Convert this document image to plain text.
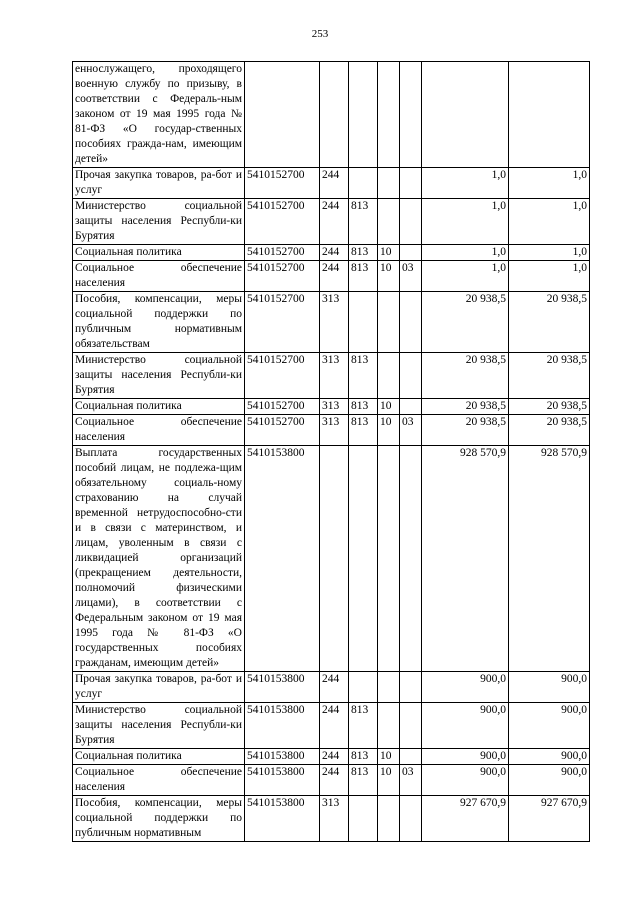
253
еннослужащего, проходящего военную службу по призыву, в соответствии с Федераль-ным законом от 19 мая 1995 года № 81-ФЗ «О государ-ственных пособиях гражда-нам, имеющим детей»							
Прочая закупка товаров, ра-бот и услуг	5410152700	244				1,0	1,0
Министерство социальной защиты населения Республи-ки Бурятия	5410152700	244	813			1,0	1,0
Социальная политика	5410152700	244	813	10		1,0	1,0
Социальное обеспечение населения	5410152700	244	813	10	03	1,0	1,0
Пособия, компенсации, меры социальной поддержки по публичным нормативным обязательствам	5410152700	313				20 938,5	20 938,5
Министерство социальной защиты населения Республи-ки Бурятия	5410152700	313	813			20 938,5	20 938,5
Социальная политика	5410152700	313	813	10		20 938,5	20 938,5
Социальное обеспечение населения	5410152700	313	813	10	03	20 938,5	20 938,5
Выплата государственных пособий лицам, не подлежа-щим обязательному социаль-ному страхованию на случай временной нетрудоспособно-сти и в связи с материнством, и лицам, уволенным в связи с ликвидацией организаций (прекращением деятельности, полномочий физическими лицами), в соответствии с Федеральным законом от 19 мая 1995 года № 81-ФЗ «О государственных пособиях гражданам, имеющим детей»	5410153800					928 570,9	928 570,9
Прочая закупка товаров, ра-бот и услуг	5410153800	244				900,0	900,0
Министерство социальной защиты населения Республи-ки Бурятия	5410153800	244	813			900,0	900,0
Социальная политика	5410153800	244	813	10		900,0	900,0
Социальное обеспечение населения	5410153800	244	813	10	03	900,0	900,0
Пособия, компенсации, меры социальной поддержки по публичным нормативным	5410153800	313				927 670,9	927 670,9
